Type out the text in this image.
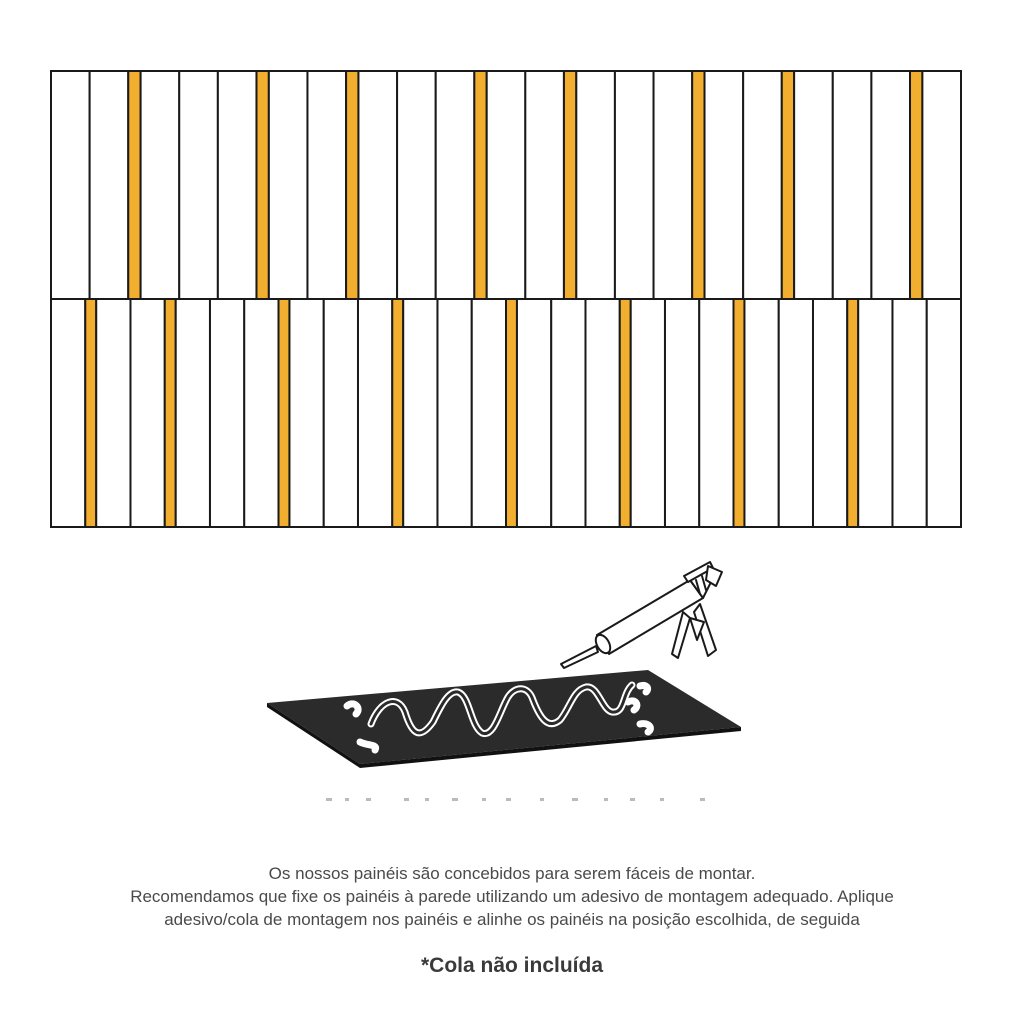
Os nossos painéis são concebidos para serem fáceis de montar.
Recomendamos que fixe os painéis à parede utilizando um adesivo de montagem adequado. Aplique
adesivo/cola de montagem nos painéis e alinhe os painéis na posição escolhida, de seguida
*Cola não incluída
